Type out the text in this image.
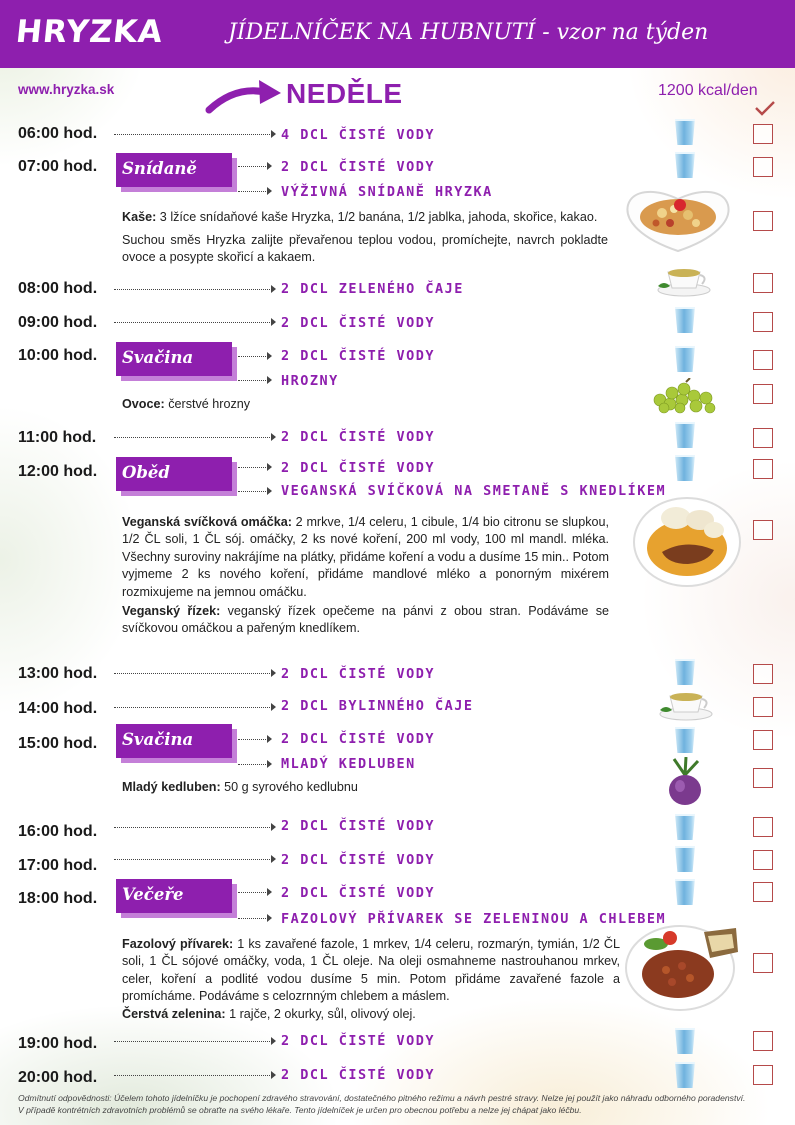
HRYZKA	JÍDELNÍČEK NA HUBNUTÍ - vzor na týden
www.hryzka.sk	NEDĚLE	1200 kcal/den
06:00 hod.	4 DCL ČISTÉ VODY
07:00 hod.	Snídaně	2 DCL ČISTÉ VODY
VÝŽIVNÁ SNÍDANĚ HRYZKA
Kaše: 3 lžíce snídaňové kaše Hryzka, 1/2 banána, 1/2 jablka, jahoda, skořice, kakao.
Suchou směs Hryzka zalijte převařenou teplou vodou, promíchejte, navrch pokladte ovoce a posypte skořicí a kakaem.
08:00 hod.	2 DCL ZELENÉHO ČAJE
09:00 hod.	2 DCL ČISTÉ VODY
10:00 hod.	Svačina	2 DCL ČISTÉ VODY
HROZNY
Ovoce: čerstvé hrozny
11:00 hod.	2 DCL ČISTÉ VODY
12:00 hod.	Oběd	2 DCL ČISTÉ VODY
VEGANSKÁ SVÍČKOVÁ NA SMETANĚ S KNEDLÍKEM
Veganská svíčková omáčka: 2 mrkve, 1/4 celeru, 1 cibule, 1/4 bio citronu se slupkou, 1/2 ČL soli, 1 ČL sój. omáčky, 2 ks nové koření, 200 ml vody, 100 ml mandl. mléka. Všechny suroviny nakrájíme na plátky, přidáme koření a vodu a dusíme 15 min.. Potom vyjmeme 2 ks nového koření, přidáme mandlové mléko a ponorným mixérem rozmixujeme na jemnou omáčku.
Veganský řízek: veganský řízek opečeme na pánvi z obou stran. Podáváme se svíčkovou omáčkou a pařeným knedlíkem.
13:00 hod.	2 DCL ČISTÉ VODY
14:00 hod.	2 DCL BYLINNÉHO ČAJE
15:00 hod.	Svačina	2 DCL ČISTÉ VODY
MLADÝ KEDLUBEN
Mladý kedluben: 50 g syrového kedlubnu
16:00 hod.	2 DCL ČISTÉ VODY
17:00 hod.	2 DCL ČISTÉ VODY
18:00 hod.	Večeře	2 DCL ČISTÉ VODY
FAZOLOVÝ PŘÍVAREK SE ZELENINOU A CHLEBEM
Fazolový přívarek: 1 ks zavařené fazole, 1 mrkev, 1/4 celeru, rozmarýn, tymián, 1/2 ČL soli, 1 ČL sójové omáčky, voda, 1 ČL oleje. Na oleji osmahneme nastrouhanou mrkev, celer, koření a podlité vodou dusíme 5 min. Potom přidáme zavařené fazole a promícháme. Podáváme s celozrnným chlebem a máslem.
Čerstvá zelenina: 1 rajče, 2 okurky, sůl, olivový olej.
19:00 hod.	2 DCL ČISTÉ VODY
20:00 hod.	2 DCL ČISTÉ VODY
Odmítnutí odpovědnosti: Účelem tohoto jídelníčku je pochopení zdravého stravování, dostatečného pitného režimu a návrh pestré stravy. Nelze jej použít jako náhradu odborného poradenství.
V případě kontrétních zdravotních problémů se obraťte na svého lékaře. Tento jídelníček je určen pro obecnou potřebu a nelze jej chápat jako léčbu.
